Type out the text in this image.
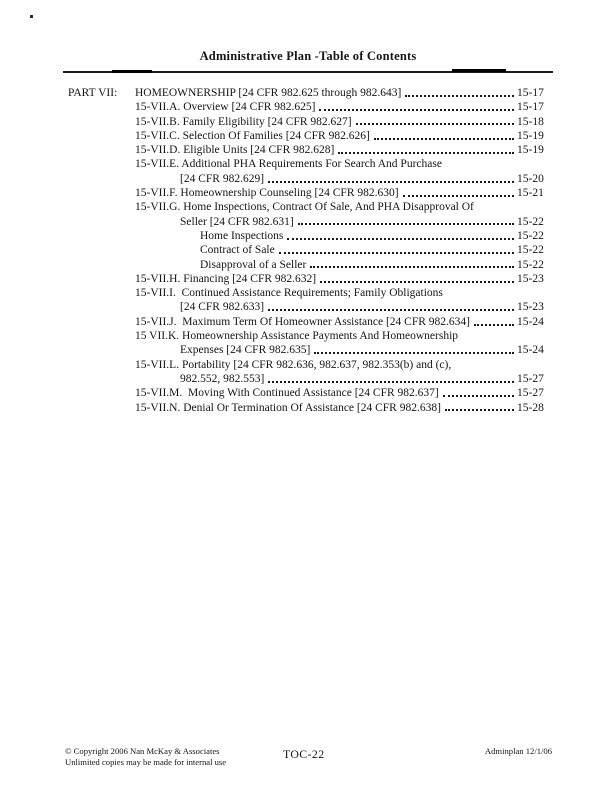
Administrative Plan -Table of Contents
PART VII:	HOMEOWNERSHIP [24 CFR 982.625 through 982.643]	15-17
15-VII.A. Overview [24 CFR 982.625]	15-17
15-VII.B. Family Eligibility [24 CFR 982.627]	15-18
15-VII.C. Selection Of Families [24 CFR 982.626]	15-19
15-VII.D. Eligible Units [24 CFR 982.628]	15-19
15-VII.E. Additional PHA Requirements For Search And Purchase
[24 CFR 982.629]	15-20
15-VII.F. Homeownership Counseling [24 CFR 982.630]	15-21
15-VII.G. Home Inspections, Contract Of Sale, And PHA Disapproval Of
Seller [24 CFR 982.631]	15-22
Home Inspections	15-22
Contract of Sale	15-22
Disapproval of a Seller	15-22
15-VII.H. Financing [24 CFR 982.632]	15-23
15-VII.I.  Continued Assistance Requirements; Family Obligations
[24 CFR 982.633]	15-23
15-VII.J.  Maximum Term Of Homeowner Assistance [24 CFR 982.634]	15-24
15 VII.K. Homeownership Assistance Payments And Homeownership
Expenses [24 CFR 982.635]	15-24
15-VII.L. Portability [24 CFR 982.636, 982.637, 982.353(b) and (c),
982.552, 982.553]	15-27
15-VII.M.  Moving With Continued Assistance [24 CFR 982.637]	15-27
15-VII.N. Denial Or Termination Of Assistance [24 CFR 982.638]	15-28
© Copyright 2006 Nan McKay & Associates
Unlimited copies may be made for internal use
TOC-22	Adminplan 12/1/06
